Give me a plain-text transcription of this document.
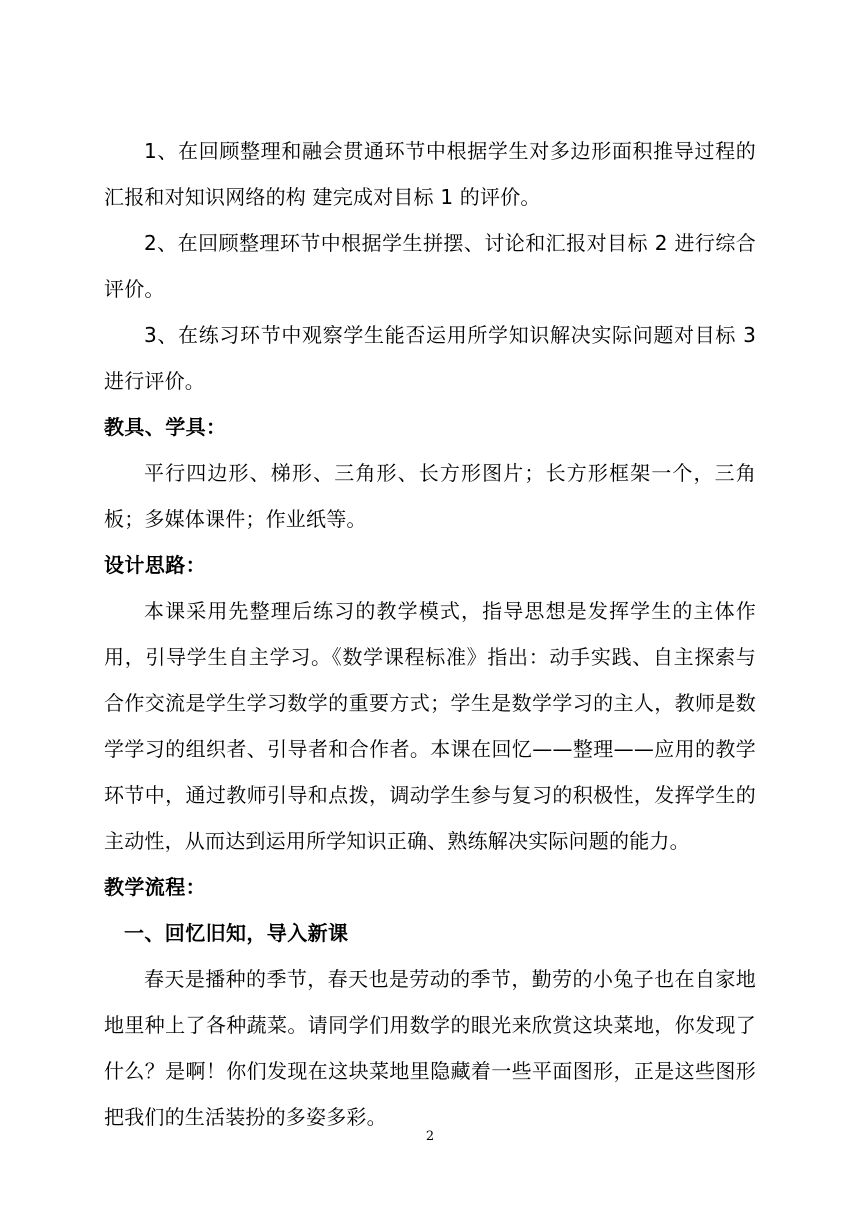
1、在回顾整理和融会贯通环节中根据学生对多边形面积推导过程的汇报和对知识网络的构 建完成对目标 1 的评价。

2、在回顾整理环节中根据学生拼摆、讨论和汇报对目标 2 进行综合评价。

3、在练习环节中观察学生能否运用所学知识解决实际问题对目标 3 进行评价。

教具、学具：

平行四边形、梯形、三角形、长方形图片；长方形框架一个，三角板；多媒体课件；作业纸等。

设计思路：

本课采用先整理后练习的教学模式，指导思想是发挥学生的主体作用，引导学生自主学习。《数学课程标准》指出：动手实践、自主探索与合作交流是学生学习数学的重要方式；学生是数学学习的主人，教师是数学学习的组织者、引导者和合作者。本课在回忆——整理——应用的教学环节中，通过教师引导和点拨，调动学生参与复习的积极性，发挥学生的主动性，从而达到运用所学知识正确、熟练解决实际问题的能力。

教学流程：

一、回忆旧知，导入新课

春天是播种的季节，春天也是劳动的季节，勤劳的小兔子也在自家地地里种上了各种蔬菜。请同学们用数学的眼光来欣赏这块菜地，你发现了什么？是啊！你们发现在这块菜地里隐藏着一些平面图形，正是这些图形把我们的生活装扮的多姿多彩。

2
